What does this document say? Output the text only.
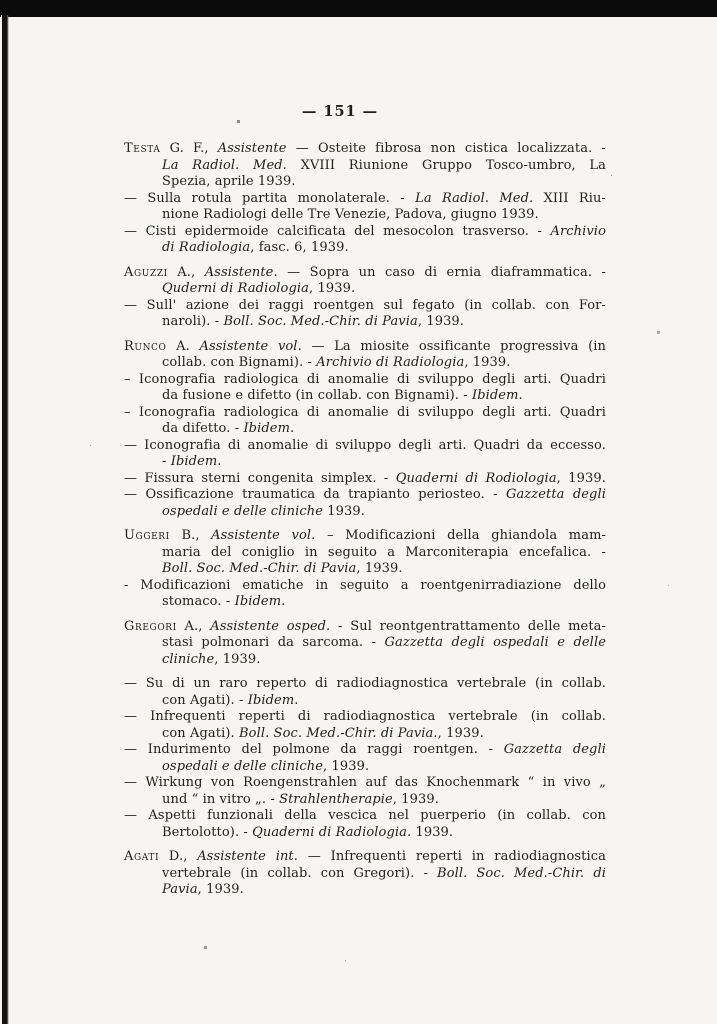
— 151 —
Testa G. F., Assistente — Osteite fibrosa non cistica localizzata. -
La Radiol. Med. XVIII Riunione Gruppo Tosco-umbro, La
Spezia, aprile 1939.
— Sulla rotula partita monolaterale. - La Radiol. Med. XIII Riu-
nione Radiologi delle Tre Venezie, Padova, giugno 1939.
— Cisti epidermoide calcificata del mesocolon trasverso. - Archivio
di Radiologia, fasc. 6, 1939.
Aguzzi A., Assistente. — Sopra un caso di ernia diaframmatica. -
Quderni di Radiologia, 1939.
— Sull' azione dei raggi roentgen sul fegato (in collab. con For-
naroli). - Boll. Soc. Med.-Chir. di Pavia, 1939.
Runco A. Assistente vol. — La miosite ossificante progressiva (in
collab. con Bignami). - Archivio di Radiologia, 1939.
– Iconografia radiologica di anomalie di sviluppo degli arti. Quadri
da fusione e difetto (in collab. con Bignami). - Ibidem.
– Iconografia radiologica di anomalie di sviluppo degli arti. Quadri
da difetto. - Ibidem.
— Iconografia di anomalie di sviluppo degli arti. Quadri da eccesso.
- Ibidem.
— Fissura sterni congenita simplex. - Quaderni di Rodiologia, 1939.
— Ossificazione traumatica da trapianto periosteo. - Gazzetta degli
ospedali e delle cliniche 1939.
Uggeri B., Assistente vol. – Modificazioni della ghiandola mam-
maria del coniglio in seguito a Marconiterapia encefalica. -
Boll. Soc. Med.-Chir. di Pavia, 1939.
- Modificazioni ematiche in seguito a roentgenirradiazione dello
stomaco. - Ibidem.
Gregori A., Assistente osped. - Sul reontgentrattamento delle meta-
stasi polmonari da sarcoma. - Gazzetta degli ospedali e delle
cliniche, 1939.
— Su di un raro reperto di radiodiagnostica vertebrale (in collab.
con Agati). - Ibidem.
— Infrequenti reperti di radiodiagnostica vertebrale (in collab.
con Agati). Boll. Soc. Med.-Chir. di Pavia., 1939.
— Indurimento del polmone da raggi roentgen. - Gazzetta degli
ospedali e delle cliniche, 1939.
— Wirkung von Roengenstrahlen auf das Knochenmark “ in vivo „
und “ in vitro „. - Strahlentherapie, 1939.
— Aspetti funzionali della vescica nel puerperio (in collab. con
Bertolotto). - Quaderni di Radiologia. 1939.
Agati D., Assistente int. — Infrequenti reperti in radiodiagnostica
vertebrale (in collab. con Gregori). - Boll. Soc. Med.-Chir. di
Pavia, 1939.
